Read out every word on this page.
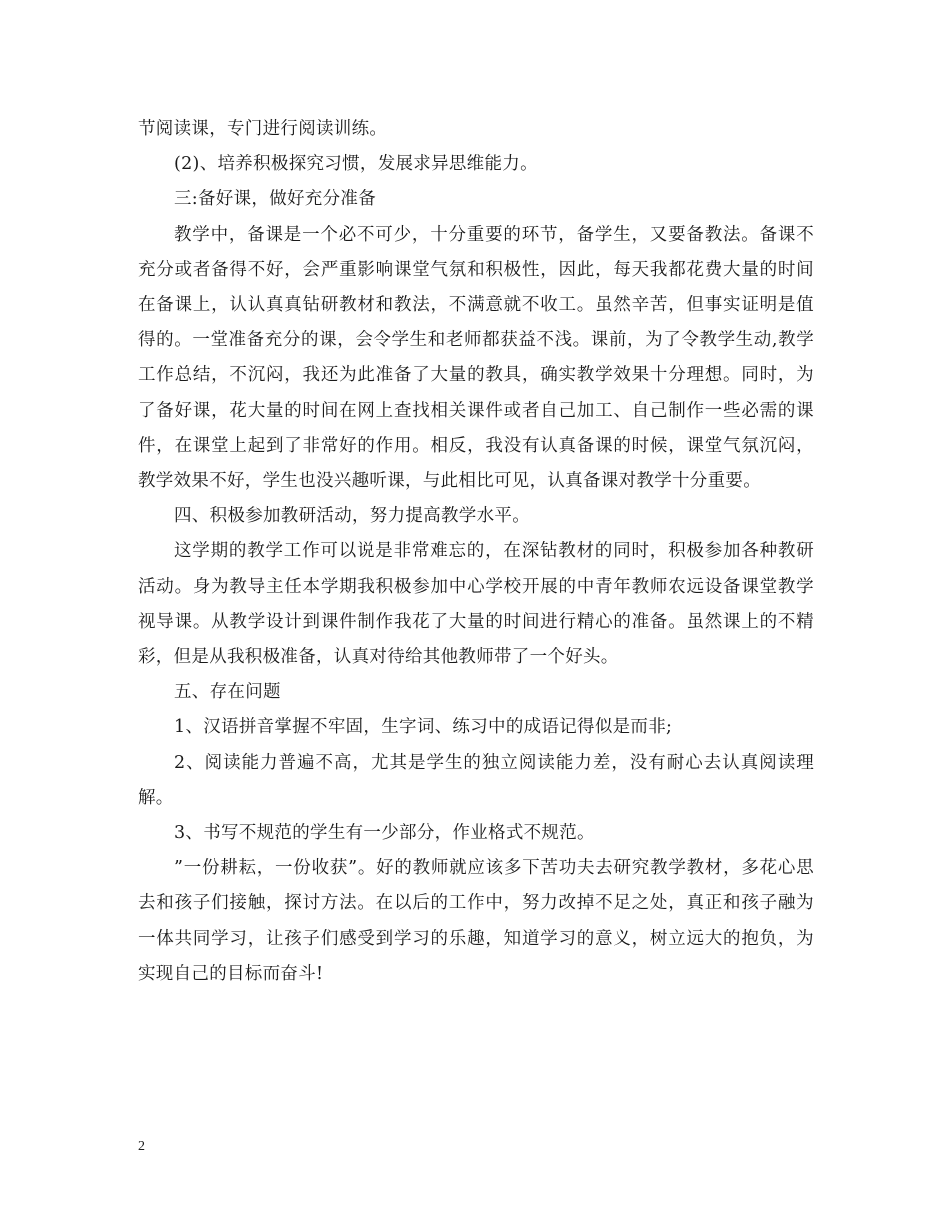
节阅读课，专门进行阅读训练。

(2)、培养积极探究习惯，发展求异思维能力。

三:备好课，做好充分准备

教学中，备课是一个必不可少，十分重要的环节，备学生，又要备教法。备课不充分或者备得不好，会严重影响课堂气氛和积极性，因此，每天我都花费大量的时间在备课上，认认真真钻研教材和教法，不满意就不收工。虽然辛苦，但事实证明是值得的。一堂准备充分的课，会令学生和老师都获益不浅。课前，为了令教学生动,教学工作总结，不沉闷，我还为此准备了大量的教具，确实教学效果十分理想。同时，为了备好课，花大量的时间在网上查找相关课件或者自己加工、自己制作一些必需的课件，在课堂上起到了非常好的作用。相反，我没有认真备课的时候，课堂气氛沉闷，教学效果不好，学生也没兴趣听课，与此相比可见，认真备课对教学十分重要。

四、积极参加教研活动，努力提高教学水平。

这学期的教学工作可以说是非常难忘的，在深钻教材的同时，积极参加各种教研活动。身为教导主任本学期我积极参加中心学校开展的中青年教师农远设备课堂教学视导课。从教学设计到课件制作我花了大量的时间进行精心的准备。虽然课上的不精彩，但是从我积极准备，认真对待给其他教师带了一个好头。

五、存在问题

1、汉语拼音掌握不牢固，生字词、练习中的成语记得似是而非;

2、阅读能力普遍不高，尤其是学生的独立阅读能力差，没有耐心去认真阅读理解。

3、书写不规范的学生有一少部分，作业格式不规范。

”一份耕耘，一份收获”。好的教师就应该多下苦功夫去研究教学教材，多花心思去和孩子们接触，探讨方法。在以后的工作中，努力改掉不足之处，真正和孩子融为一体共同学习，让孩子们感受到学习的乐趣，知道学习的意义，树立远大的抱负，为实现自己的目标而奋斗!

2
